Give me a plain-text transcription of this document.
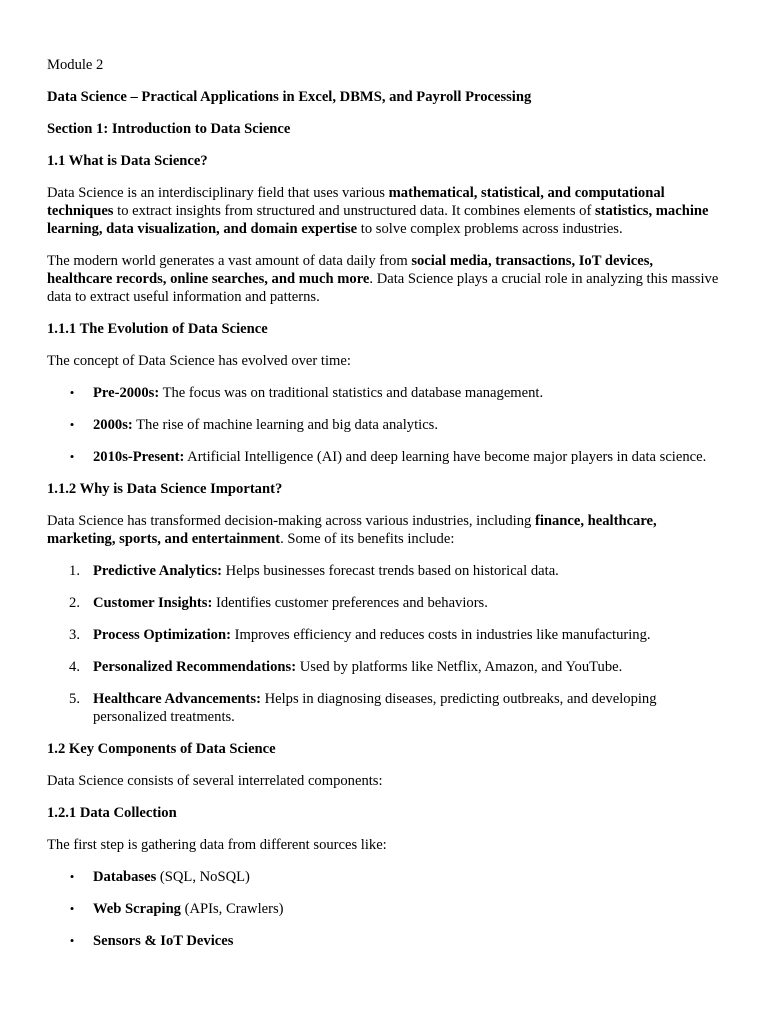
Module 2

Data Science – Practical Applications in Excel, DBMS, and Payroll Processing

Section 1: Introduction to Data Science

1.1 What is Data Science?

Data Science is an interdisciplinary field that uses various mathematical, statistical, and computational techniques to extract insights from structured and unstructured data. It combines elements of statistics, machine learning, data visualization, and domain expertise to solve complex problems across industries.

The modern world generates a vast amount of data daily from social media, transactions, IoT devices, healthcare records, online searches, and much more. Data Science plays a crucial role in analyzing this massive data to extract useful information and patterns.

1.1.1 The Evolution of Data Science

The concept of Data Science has evolved over time:

• Pre-2000s: The focus was on traditional statistics and database management.
• 2000s: The rise of machine learning and big data analytics.
• 2010s-Present: Artificial Intelligence (AI) and deep learning have become major players in data science.

1.1.2 Why is Data Science Important?

Data Science has transformed decision-making across various industries, including finance, healthcare, marketing, sports, and entertainment. Some of its benefits include:

1. Predictive Analytics: Helps businesses forecast trends based on historical data.
2. Customer Insights: Identifies customer preferences and behaviors.
3. Process Optimization: Improves efficiency and reduces costs in industries like manufacturing.
4. Personalized Recommendations: Used by platforms like Netflix, Amazon, and YouTube.
5. Healthcare Advancements: Helps in diagnosing diseases, predicting outbreaks, and developing personalized treatments.

1.2 Key Components of Data Science

Data Science consists of several interrelated components:

1.2.1 Data Collection

The first step is gathering data from different sources like:

• Databases (SQL, NoSQL)
• Web Scraping (APIs, Crawlers)
• Sensors & IoT Devices
